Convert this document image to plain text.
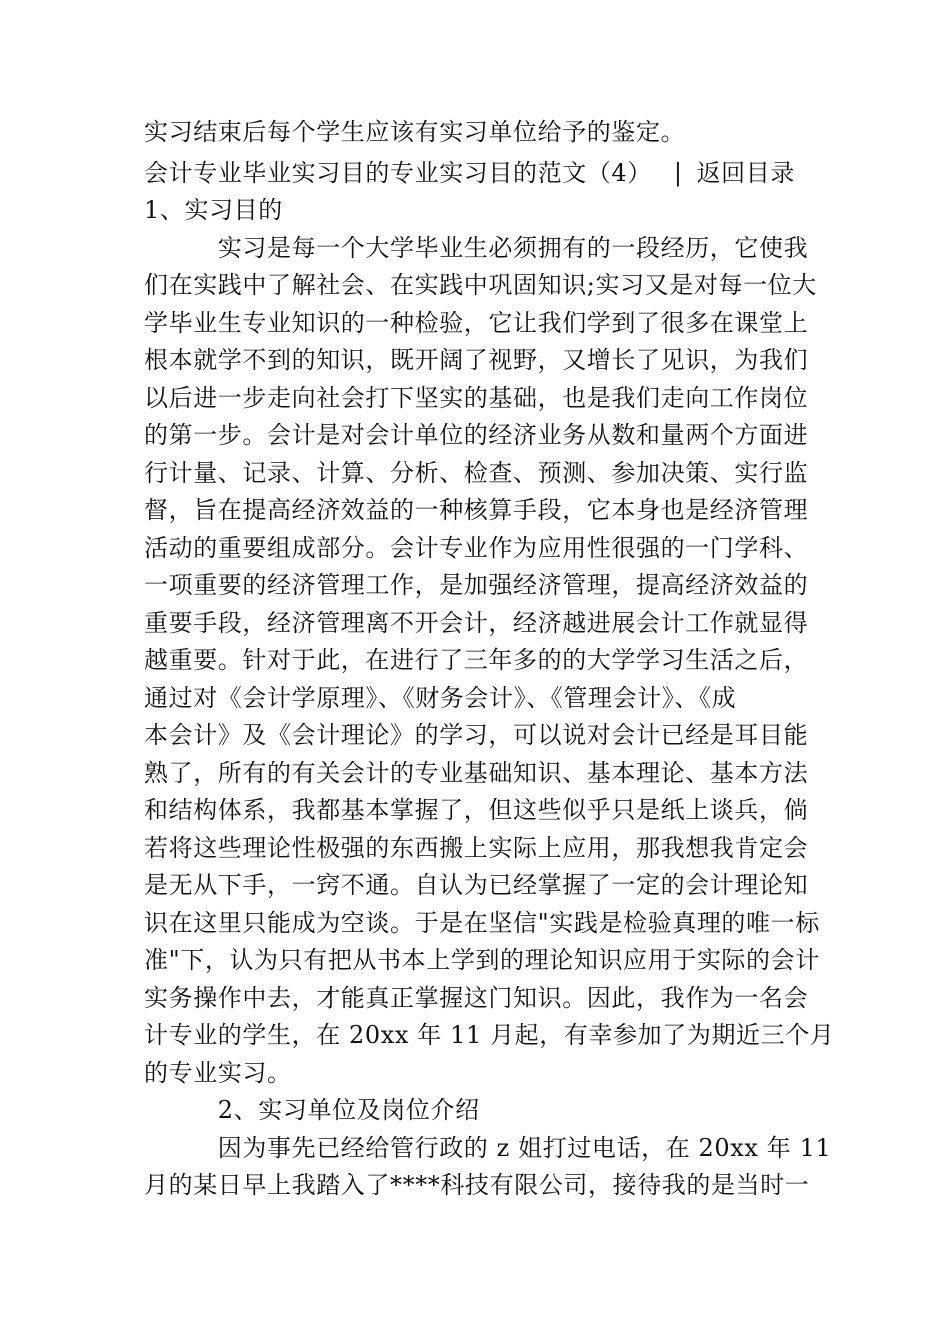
实习结束后每个学生应该有实习单位给予的鉴定。
会计专业毕业实习目的专业实习目的范文（4） | 返回目录
1、实习目的
　　　实习是每一个大学毕业生必须拥有的一段经历，它使我
们在实践中了解社会、在实践中巩固知识;实习又是对每一位大
学毕业生专业知识的一种检验，它让我们学到了很多在课堂上
根本就学不到的知识，既开阔了视野，又增长了见识，为我们
以后进一步走向社会打下坚实的基础，也是我们走向工作岗位
的第一步。会计是对会计单位的经济业务从数和量两个方面进
行计量、记录、计算、分析、检查、预测、参加决策、实行监
督，旨在提高经济效益的一种核算手段，它本身也是经济管理
活动的重要组成部分。会计专业作为应用性很强的一门学科、
一项重要的经济管理工作，是加强经济管理，提高经济效益的
重要手段，经济管理离不开会计，经济越进展会计工作就显得
越重要。针对于此，在进行了三年多的的大学学习生活之后，
通过对《会计学原理》、《财务会计》、《管理会计》、《成
本会计》及《会计理论》的学习，可以说对会计已经是耳目能
熟了，所有的有关会计的专业基础知识、基本理论、基本方法
和结构体系，我都基本掌握了，但这些似乎只是纸上谈兵，倘
若将这些理论性极强的东西搬上实际上应用，那我想我肯定会
是无从下手，一窍不通。自认为已经掌握了一定的会计理论知
识在这里只能成为空谈。于是在坚信"实践是检验真理的唯一标
准"下，认为只有把从书本上学到的理论知识应用于实际的会计
实务操作中去，才能真正掌握这门知识。因此，我作为一名会
计专业的学生，在 20xx 年 11 月起，有幸参加了为期近三个月
的专业实习。
　　　2、实习单位及岗位介绍
　　　因为事先已经给管行政的 z 姐打过电话，在 20xx 年 11
月的某日早上我踏入了****科技有限公司，接待我的是当时一
